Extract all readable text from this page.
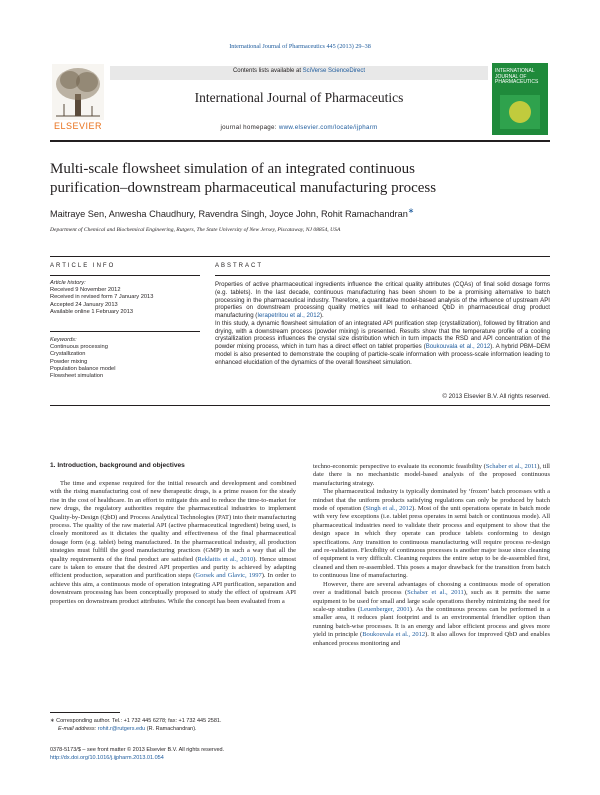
International Journal of Pharmaceutics 445 (2013) 29–38
Contents lists available at SciVerse ScienceDirect
ELSEVIER
International Journal of Pharmaceutics
journal homepage: www.elsevier.com/locate/ijpharm
INTERNATIONAL JOURNAL OF PHARMACEUTICS
Multi-scale flowsheet simulation of an integrated continuous
purification–downstream pharmaceutical manufacturing process
Maitraye Sen, Anwesha Chaudhury, Ravendra Singh, Joyce John, Rohit Ramachandran∗
Department of Chemical and Biochemical Engineering, Rutgers, The State University of New Jersey, Piscataway, NJ 08854, USA
ARTICLE INFO	ABSTRACT
Article history:
Received 9 November 2012
Received in revised form 7 January 2013
Accepted 24 January 2013
Available online 1 February 2013
Keywords:
Continuous processing
Crystallization
Powder mixing
Population balance model
Flowsheet simulation
Properties of active pharmaceutical ingredients influence the critical quality attributes (CQAs) of final solid dosage forms (e.g. tablets). In the last decade, continuous manufacturing has been shown to be a promising alternative to batch processing in the pharmaceutical industry. Therefore, a quantitative model-based analysis of the influence of upstream API properties on downstream processing quality metrics will lead to enhanced QbD in pharmaceutical drug product manufacturing (Ierapetritou et al., 2012).
In this study, a dynamic flowsheet simulation of an integrated API purification step (crystallization), followed by filtration and drying, with a downstream process (powder mixing) is presented. Results show that the temperature profile of a cooling crystallization process influences the crystal size distribution which in turn impacts the RSD and API concentration of the powder mixing process, which in turn has a direct effect on tablet properties (Boukouvala et al., 2012). A hybrid PBM–DEM model is also presented to demonstrate the coupling of particle-scale information with process-scale information leading to enhanced elucidation of the dynamics of the overall flowsheet simulation.
© 2013 Elsevier B.V. All rights reserved.
1. Introduction, background and objectives

The time and expense required for the initial research and development and combined with the rising manufacturing cost of new therapeutic drugs, is a prime reason for the steady rise in the cost of healthcare. In an effort to mitigate this and to reduce the time-to-market for new drugs, the regulatory authorities require the pharmaceutical industries to implement Quality-by-Design (QbD) and Process Analytical Technologies (PAT) into their manufacturing process. The quality of the raw material API (active pharmaceutical ingredient) being used, is closely monitored as it dictates the quality and effectiveness of the final pharmaceutical dosage form (e.g. tablet) being manufactured. In the pharmaceutical industry, all production strategies must fulfill the good manufacturing practices (GMP) in such a way that all the quality requirements of the final product are satisfied (Reklaitis et al., 2010). Hence utmost care is taken to ensure that the desired API properties and purity is achieved by adapting efficient production, separation and purification steps (Gorsek and Glavic, 1997). In order to achieve this aim, a continuous mode of operation integrating API purification, separation and downstream processing has been conceptually proposed to study the effect of upstream API properties on downstream product attributes. While the concept has been evaluated from a

techno-economic perspective to evaluate its economic feasibility (Schaber et al., 2011), till date there is no mechanistic model-based analysis of the proposed continuous manufacturing strategy.

The pharmaceutical industry is typically dominated by ‘frozen’ batch processes with a mindset that the uniform products satisfying regulations can only be produced by batch mode of operation (Singh et al., 2012). Most of the unit operations operate in batch mode with very few exceptions (i.e. tablet press operates in semi batch or continuous mode). All pharmaceutical industries need to validate their process and equipment to show that the design space in which they operate can produce tablets conforming to design specifications. Any transition to continuous manufacturing will require process re-design and re-validation. Flexibility of continuous processes is another major issue since cleaning of equipment is very difficult. Cleaning requires the entire setup to be de-assembled first, cleaned and then re-assembled. This poses a major drawback for the transition from batch to continuous line of manufacturing.

However, there are several advantages of choosing a continuous mode of operation over a traditional batch process (Schaber et al., 2011), such as it permits the same equipment to be used for small and large scale operations thereby minimizing the need for scale-up studies (Leuenberger, 2001). As the continuous process can be performed in a smaller area, it reduces plant footprint and is an environmental friendlier option than running batch-wise processes. It is an energy and labor efficient process and gives more yield in principle (Boukouvala et al., 2012). It also allows for improved QbD and enables enhanced process monitoring and

∗ Corresponding author. Tel.: +1 732 445 6278; fax: +1 732 445 2581.
E-mail address: rohit.r@rutgers.edu (R. Ramachandran).
0378-5173/$ – see front matter © 2013 Elsevier B.V. All rights reserved.
http://dx.doi.org/10.1016/j.ijpharm.2013.01.054
